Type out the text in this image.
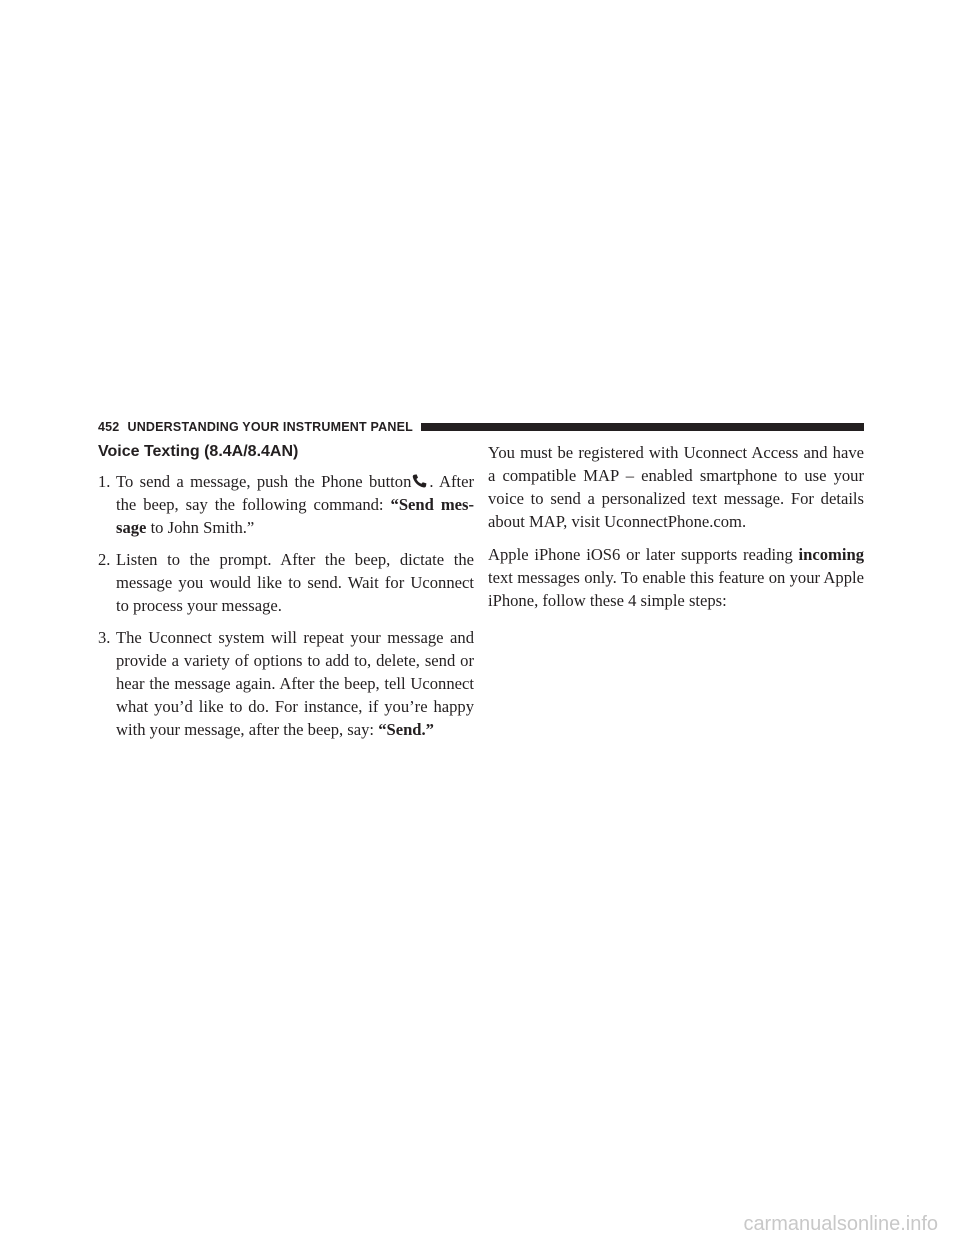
452 UNDERSTANDING YOUR INSTRUMENT PANEL
Voice Texting (8.4A/8.4AN)
1. To send a message, push the Phone button . After the beep, say the following command: “Send mes- sage to John Smith.”
2. Listen to the prompt. After the beep, dictate the message you would like to send. Wait for Uconnect to process your message.
3. The Uconnect system will repeat your message and provide a variety of options to add to, delete, send or hear the message again. After the beep, tell Uconnect what you’d like to do. For instance, if you’re happy with your message, after the beep, say: “Send.”

You must be registered with Uconnect Access and have a compatible MAP – enabled smartphone to use your voice to send a personalized text message. For details about MAP, visit UconnectPhone.com.

Apple iPhone iOS6 or later supports reading incoming text messages only. To enable this feature on your Apple iPhone, follow these 4 simple steps:

carmanualsonline.info
